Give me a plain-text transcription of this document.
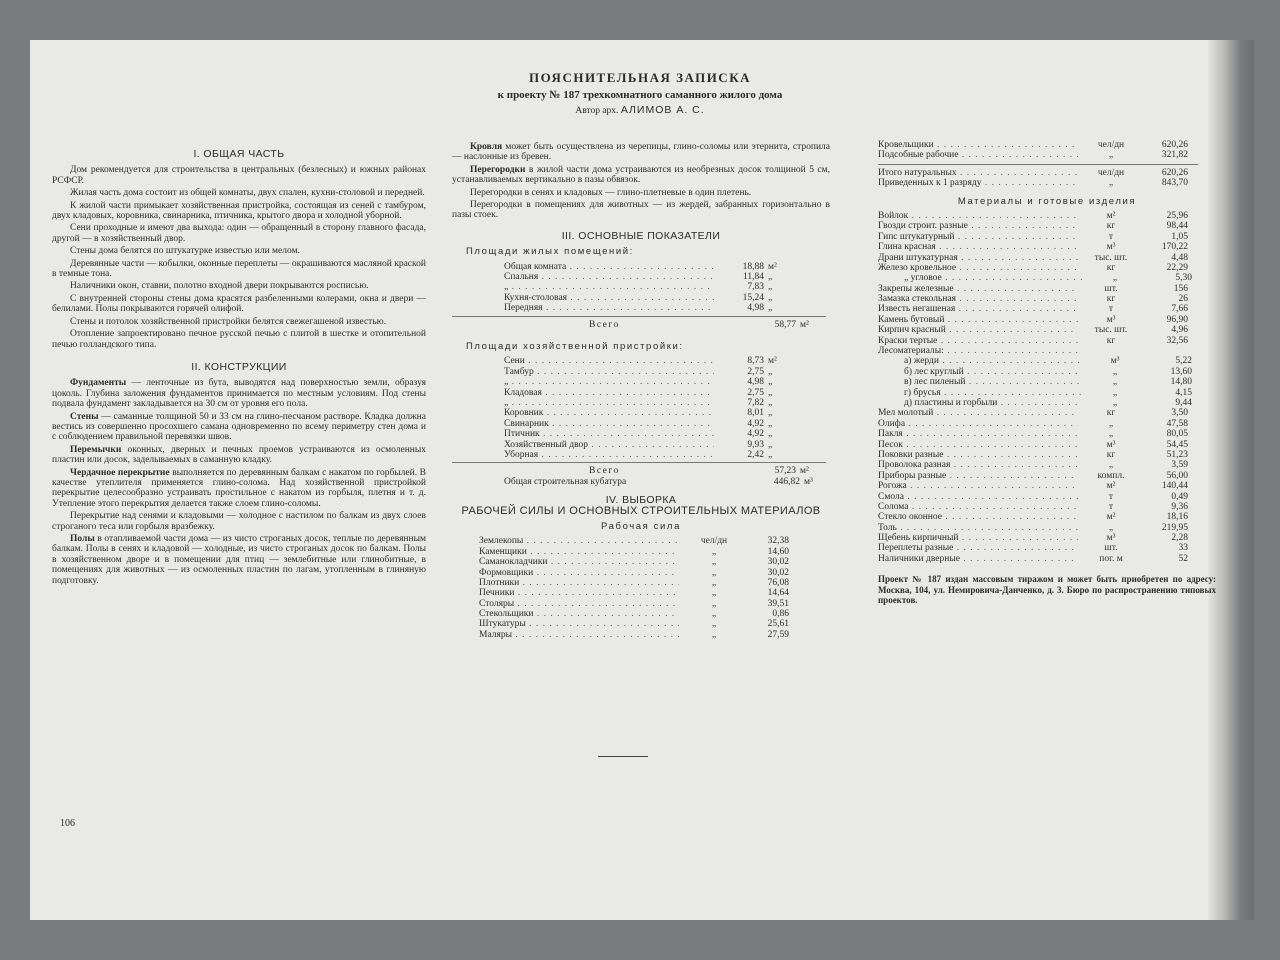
ПОЯСНИТЕЛЬНАЯ ЗАПИСКА
к проекту № 187 трехкомнатного саманного жилого дома
Автор арх. АЛИМОВ А. С.
I. ОБЩАЯ ЧАСТЬ

Дом рекомендуется для строительства в центральных (безлесных) и южных районах РСФСР.

Жилая часть дома состоит из общей комнаты, двух спален, кухни-столовой и передней.

К жилой части примыкает хозяйственная пристройка, состоящая из сеней с тамбуром, двух кладовых, коровника, свинарника, птичника, крытого двора и холодной уборной.

Сени проходные и имеют два выхода: один — обращенный в сторону главного фасада, другой — в хозяйственный двор.

Стены дома белятся по штукатурке известью или мелом.

Деревянные части — кобылки, оконные переплеты — окрашиваются масляной краской в темные тона.

Наличники окон, ставни, полотно входной двери покрываются росписью.

С внутренней стороны стены дома красятся разбеленными колерами, окна и двери — белилами. Полы покрываются горячей олифой.

Стены и потолок хозяйственной пристройки белятся свежегашеной известью.

Отопление запроектировано печное русской печью с плитой в шестке и отопительной печью голландского типа.

II. КОНСТРУКЦИИ

Фундаменты — ленточные из бута, выводятся над поверхностью земли, образуя цоколь. Глубина заложения фундаментов принимается по местным условиям. Под стены подвала фундамент закладывается на 30 см от уровня его пола.

Стены — саманные толщиной 50 и 33 см на глино-песчаном растворе. Кладка должна вестись из совершенно просохшего самана одновременно по всему периметру стен дома и с соблюдением правильной перевязки швов.

Перемычки оконных, дверных и печных проемов устраиваются из осмоленных пластин или досок, заделываемых в саманную кладку.

Чердачное перекрытие выполняется по деревянным балкам с накатом по горбылей. В качестве утеплителя применяется глино-солома. Над хозяйственной пристройкой перекрытие целесообразно устраивать простильное с накатом из горбыля, плетня и т. д. Утепление этого перекрытия делается также слоем глино-соломы.

Перекрытие над сенями и кладовыми — холодное с настилом по балкам из двух слоев строганого теса или горбыля вразбежку.

Полы в отапливаемой части дома — из чисто строганых досок, теплые по деревянным балкам. Полы в сенях и кладовой — холодные, из чисто строганых досок по балкам. Полы в хозяйственном дворе и в помещении для птиц — землебитные или глинобитные, в помещениях для животных — из осмоленных пластин по лагам, утопленным в глиняную подготовку.

Кровля может быть осуществлена из черепицы, глино-соломы или этернита, стропила — наслонные из бревен.

Перегородки в жилой части дома устраиваются из необрезных досок толщиной 5 см, устанавливаемых вертикально в пазы обвязок.

Перегородки в сенях и кладовых — глино-плетневые в один плетень.

Перегородки в помещениях для животных — из жердей, забранных горизонтально в пазы стоек.

III. ОСНОВНЫЕ ПОКАЗАТЕЛИ
Площади жилых помещений:
Общая комната . . .	18,88 м²
Спальня . . .	11,84 „
„ . . .	7,83 „
Кухня-столовая . . .	15,24 „
Передняя . . .	4,98 „
Всего	58,77 м²
Площади хозяйственной пристройки:
Сени . . .	8,73 м²
Тамбур . . .	2,75 „
„ . . .	4,98 „
Кладовая . . .	2,75 „
„ . . .	7,82 „
Коровник . . .	8,01 „
Свинарник . . .	4,92 „
Птичник . . .	4,92 „
Хозяйственный двор . . .	9,93 „
Уборная . . .	2,42 „
Всего	57,23 м²
Общая строительная кубатура	446,82 м³
IV. ВЫБОРКА
РАБОЧЕЙ СИЛЫ И ОСНОВНЫХ СТРОИТЕЛЬНЫХ МАТЕРИАЛОВ
Рабочая сила
Землекопы . . .	чел/дн	32,38
Каменщики . . .	„	14,60
Саманокладчики . . .	„	30,02
Формовщики . . .	„	30,02
Плотники . . .	„	76,08
Печники . . .	„	14,64
Столяры . . .	„	39,51
Стекольщики . . .	„	0,86
Штукатуры . . .	„	25,61
Маляры . . .	„	27,59
Кровельщики . . .	чел/дн	620,26
Подсобные рабочие . . .	„	321,82
Итого натуральных . . .	чел/дн	620,26
Приведенных к 1 разряду . . .	„	843,70
Материалы и готовые изделия
Войлок . . .	м²	25,96
Гвозди строит. разные . . .	кг	98,44
Гипс штукатурный . . .	т	1,05
Глина красная . . .	м³	170,22
Драни штукатурная . . .	тыс. шт.	4,48
Железо кровельное . . .	кг	22,29
„ угловое . . .	„	5,30
Закрепы железные . . .	шт.	156
Замазка стекольная . . .	кг	26
Известь негашеная . . .	т	7,66
Камень бутовый . . .	м³	96,90
Кирпич красный . . .	тыс. шт.	4,96
Краски тертые . . .	кг	32,56
Лесоматериалы: . . .
а) жерди . . .	м³	5,22
б) лес круглый . . .	„	13,60
в) лес пиленый . . .	„	14,80
г) брусья . . .	„	4,15
д) пластины и горбыли . . .	„	9,44
Мел молотый . . .	кг	3,50
Олифа . . .	„	47,58
Пакля . . .	„	80,05
Песок . . .	м³	54,45
Поковки разные . . .	кг	51,23
Проволока разная . . .	„	3,59
Приборы разные . . .	компл.	56,00
Рогожа . . .	м²	140,44
Смола . . .	т	0,49
Солома . . .	т	9,36
Стекло оконное . . .	м²	18,16
Толь . . .	„	219,95
Щебень кирпичный . . .	м³	2,28
Переплеты разные . . .	шт.	33
Наличники дверные . . .	пог. м	52

Проект № 187 издан массовым тиражом и может быть приобретен по адресу: Москва, 104, ул. Немировича-Данченко, д. 3. Бюро по распространению типовых проектов.

106
